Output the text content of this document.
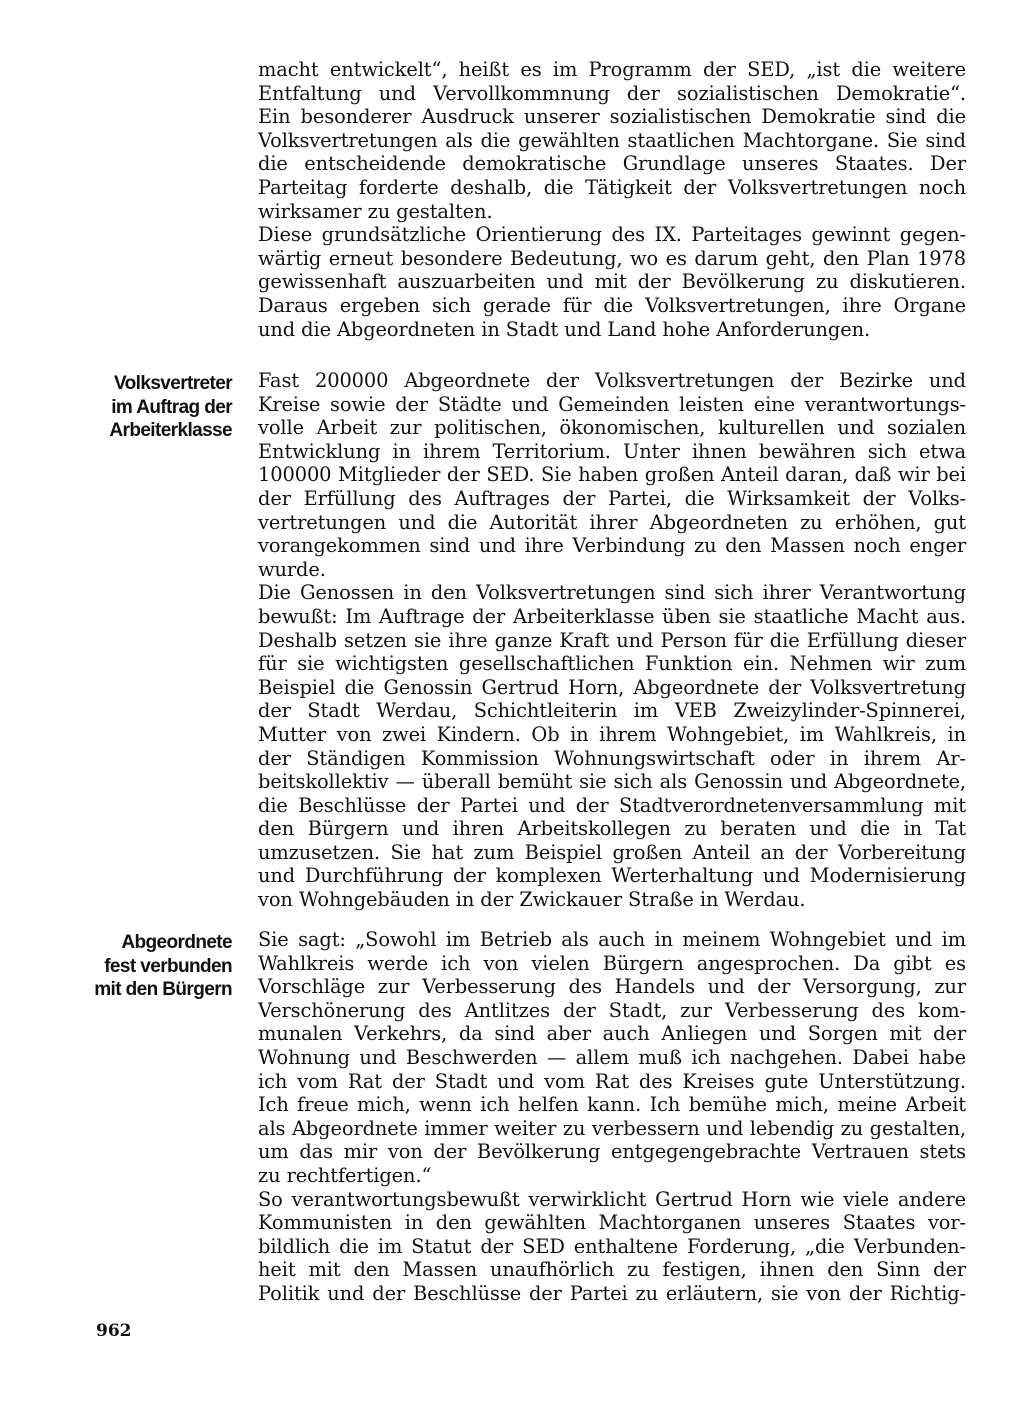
macht entwickelt“, heißt es im Programm der SED, „ist die weitere
Entfaltung und Vervollkommnung der sozialistischen Demokratie“.
Ein besonderer Ausdruck unserer sozialistischen Demokratie sind die
Volksvertretungen als die gewählten staatlichen Machtorgane. Sie sind
die entscheidende demokratische Grundlage unseres Staates. Der
Parteitag forderte deshalb, die Tätigkeit der Volksvertretungen noch
wirksamer zu gestalten.

Diese grundsätzliche Orientierung des IX. Parteitages gewinnt gegen-
wärtig erneut besondere Bedeutung, wo es darum geht, den Plan 1978
gewissenhaft auszuarbeiten und mit der Bevölkerung zu diskutieren.
Daraus ergeben sich gerade für die Volksvertretungen, ihre Organe
und die Abgeordneten in Stadt und Land hohe Anforderungen.

Volksvertreter
im Auftrag der
Arbeiterklasse

Fast 200000 Abgeordnete der Volksvertretungen der Bezirke und
Kreise sowie der Städte und Gemeinden leisten eine verantwortungs-
volle Arbeit zur politischen, ökonomischen, kulturellen und sozialen
Entwicklung in ihrem Territorium. Unter ihnen bewähren sich etwa
100000 Mitglieder der SED. Sie haben großen Anteil daran, daß wir bei
der Erfüllung des Auftrages der Partei, die Wirksamkeit der Volks-
vertretungen und die Autorität ihrer Abgeordneten zu erhöhen, gut
vorangekommen sind und ihre Verbindung zu den Massen noch enger
wurde.

Die Genossen in den Volksvertretungen sind sich ihrer Verantwortung
bewußt: Im Auftrage der Arbeiterklasse üben sie staatliche Macht aus.
Deshalb setzen sie ihre ganze Kraft und Person für die Erfüllung dieser
für sie wichtigsten gesellschaftlichen Funktion ein. Nehmen wir zum
Beispiel die Genossin Gertrud Horn, Abgeordnete der Volksvertretung
der Stadt Werdau, Schichtleiterin im VEB Zweizylinder-Spinnerei,
Mutter von zwei Kindern. Ob in ihrem Wohngebiet, im Wahlkreis, in
der Ständigen Kommission Wohnungswirtschaft oder in ihrem Ar-
beitskollektiv — überall bemüht sie sich als Genossin und Abgeordnete,
die Beschlüsse der Partei und der Stadtverordnetenversammlung mit
den Bürgern und ihren Arbeitskollegen zu beraten und die in Tat
umzusetzen. Sie hat zum Beispiel großen Anteil an der Vorbereitung
und Durchführung der komplexen Werterhaltung und Modernisierung
von Wohngebäuden in der Zwickauer Straße in Werdau.

Abgeordnete
fest verbunden
mit den Bürgern

Sie sagt: „Sowohl im Betrieb als auch in meinem Wohngebiet und im
Wahlkreis werde ich von vielen Bürgern angesprochen. Da gibt es
Vorschläge zur Verbesserung des Handels und der Versorgung, zur
Verschönerung des Antlitzes der Stadt, zur Verbesserung des kom-
munalen Verkehrs, da sind aber auch Anliegen und Sorgen mit der
Wohnung und Beschwerden — allem muß ich nachgehen. Dabei habe
ich vom Rat der Stadt und vom Rat des Kreises gute Unterstützung.
Ich freue mich, wenn ich helfen kann. Ich bemühe mich, meine Arbeit
als Abgeordnete immer weiter zu verbessern und lebendig zu gestalten,
um das mir von der Bevölkerung entgegengebrachte Vertrauen stets
zu rechtfertigen.“

So verantwortungsbewußt verwirklicht Gertrud Horn wie viele andere
Kommunisten in den gewählten Machtorganen unseres Staates vor-
bildlich die im Statut der SED enthaltene Forderung, „die Verbunden-
heit mit den Massen unaufhörlich zu festigen, ihnen den Sinn der
Politik und der Beschlüsse der Partei zu erläutern, sie von der Richtig-

962
